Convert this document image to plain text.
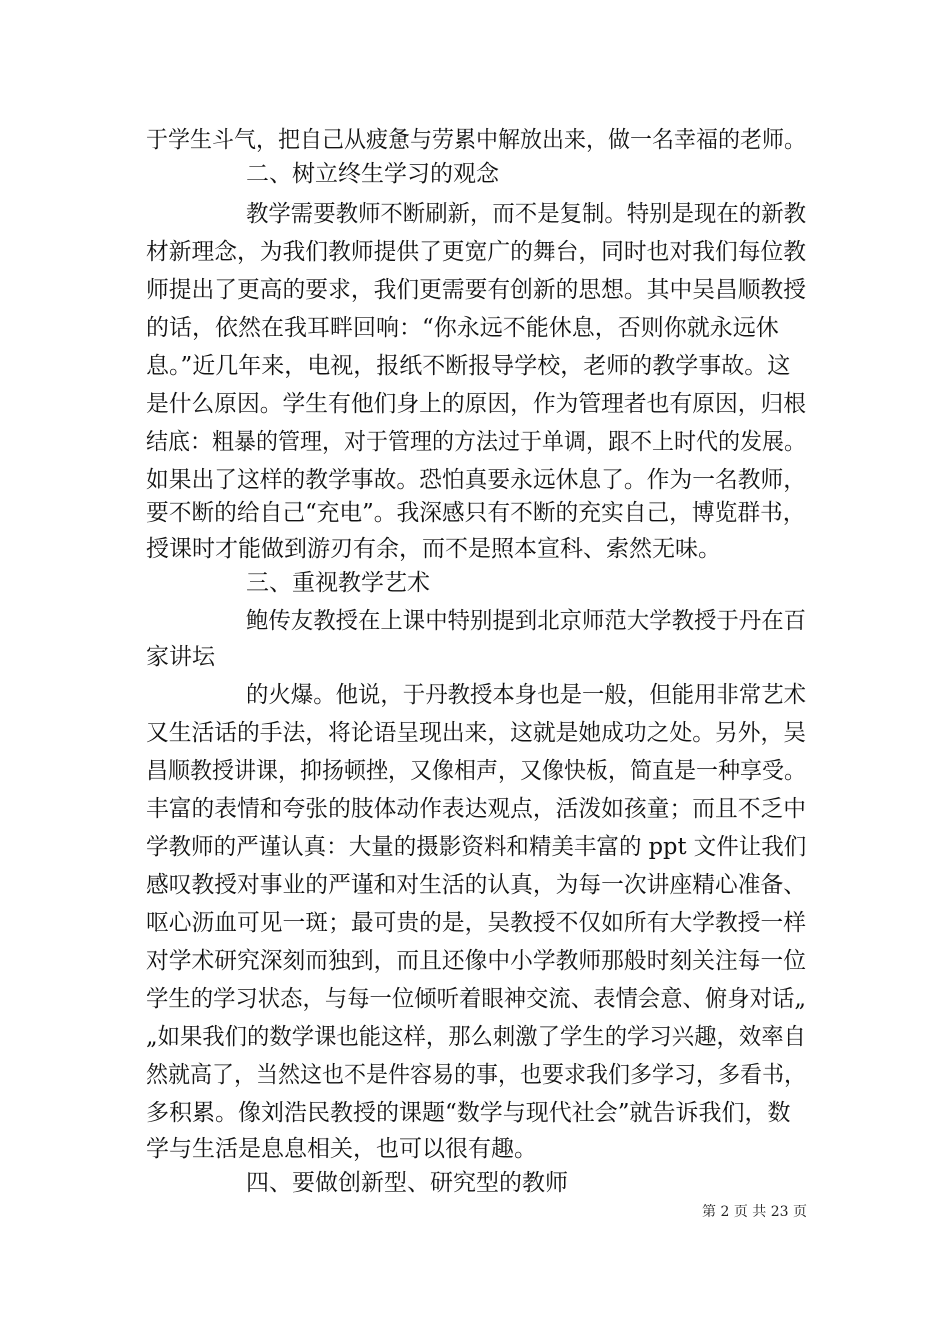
于学生斗气，把自己从疲惫与劳累中解放出来，做一名幸福的老师。
二、树立终生学习的观念
教学需要教师不断刷新，而不是复制。特别是现在的新教
材新理念，为我们教师提供了更宽广的舞台，同时也对我们每位教
师提出了更高的要求，我们更需要有创新的思想。其中吴昌顺教授
的话，依然在我耳畔回响：“你永远不能休息，否则你就永远休
息。”近几年来，电视，报纸不断报导学校，老师的教学事故。这
是什么原因。学生有他们身上的原因，作为管理者也有原因，归根
结底：粗暴的管理，对于管理的方法过于单调，跟不上时代的发展。
如果出了这样的教学事故。恐怕真要永远休息了。作为一名教师，
要不断的给自己“充电”。我深感只有不断的充实自己，博览群书，
授课时才能做到游刃有余，而不是照本宣科、索然无味。
三、重视教学艺术
鲍传友教授在上课中特别提到北京师范大学教授于丹在百
家讲坛
的火爆。他说，于丹教授本身也是一般，但能用非常艺术
又生活话的手法，将论语呈现出来，这就是她成功之处。另外，吴
昌顺教授讲课，抑扬顿挫，又像相声，又像快板，简直是一种享受。
丰富的表情和夸张的肢体动作表达观点，活泼如孩童；而且不乏中
学教师的严谨认真：大量的摄影资料和精美丰富的 ppt 文件让我们
感叹教授对事业的严谨和对生活的认真，为每一次讲座精心准备、
呕心沥血可见一斑；最可贵的是，吴教授不仅如所有大学教授一样
对学术研究深刻而独到，而且还像中小学教师那般时刻关注每一位
学生的学习状态，与每一位倾听着眼神交流、表情会意、俯身对话„
„如果我们的数学课也能这样，那么刺激了学生的学习兴趣，效率自
然就高了，当然这也不是件容易的事，也要求我们多学习，多看书，
多积累。像刘浩民教授的课题“数学与现代社会”就告诉我们，数
学与生活是息息相关，也可以很有趣。
四、要做创新型、研究型的教师
第 2 页 共 23 页
